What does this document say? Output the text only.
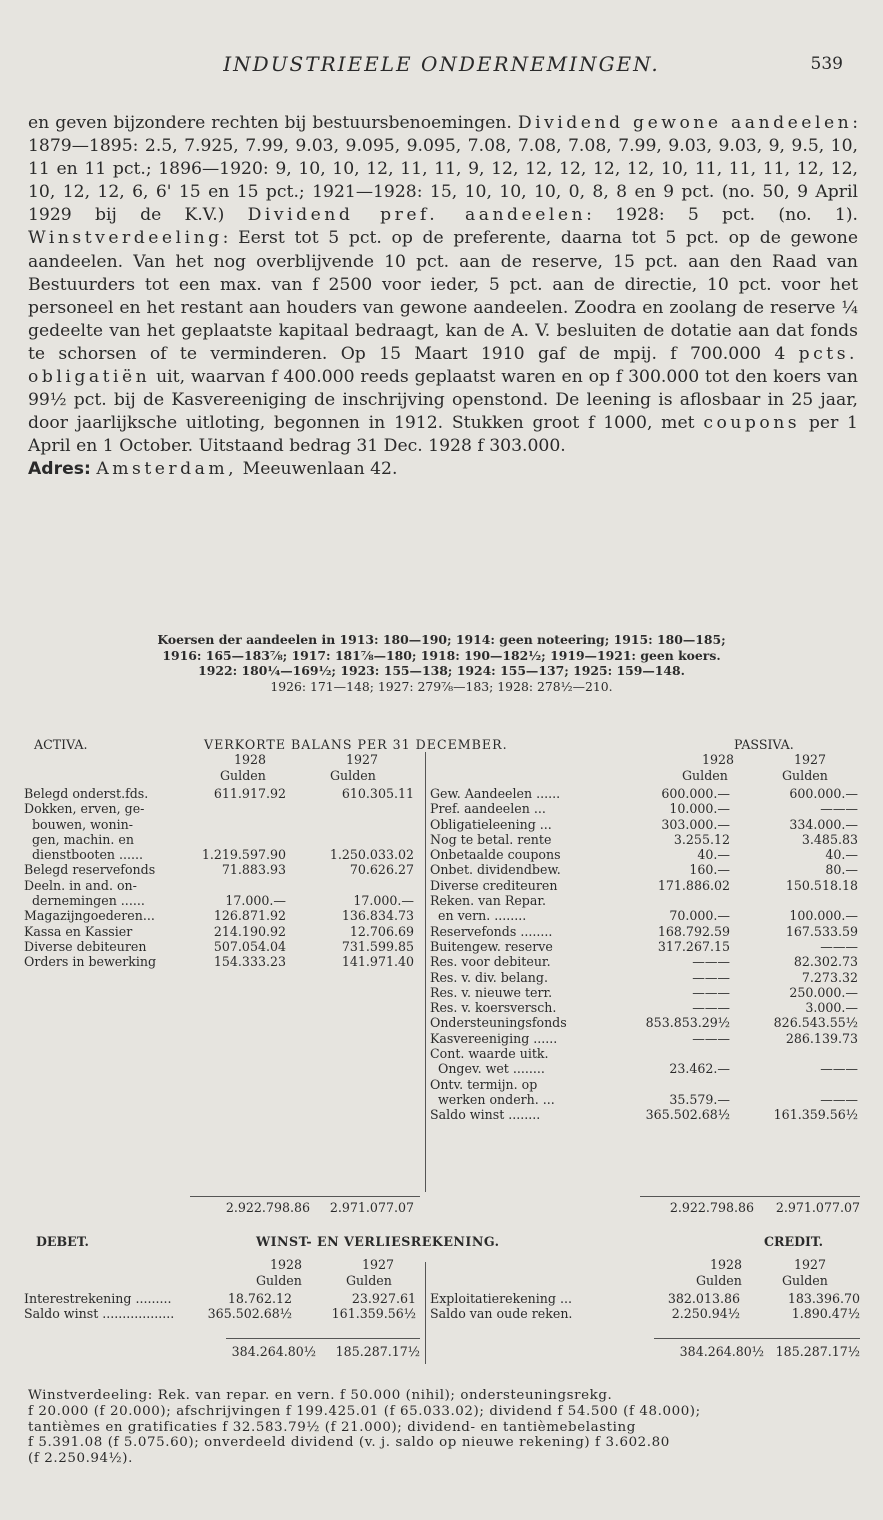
INDUSTRIEELE ONDERNEMINGEN.	539

en geven bijzondere rechten bij bestuursbenoemingen. Dividend gewone aandeelen: 1879—1895: 2.5, 7.925, 7.99, 9.03, 9.095, 9.095, 7.08, 7.08, 7.08, 7.99, 9.03, 9.03, 9, 9.5, 10, 11 en 11 pct.; 1896—1920: 9, 10, 10, 12, 11, 11, 9, 12, 12, 12, 12, 12, 10, 11, 11, 11, 12, 12, 10, 12, 12, 6, 6' 15 en 15 pct.; 1921—1928: 15, 10, 10, 10, 0, 8, 8 en 9 pct. (no. 50, 9 April 1929 bij de K.V.) Dividend pref. aandeelen: 1928: 5 pct. (no. 1). Winstverdeeling: Eerst tot 5 pct. op de preferente, daarna tot 5 pct. op de gewone aandeelen. Van het nog overblijvende 10 pct. aan de reserve, 15 pct. aan den Raad van Bestuurders tot een max. van f 2500 voor ieder, 5 pct. aan de directie, 10 pct. voor het personeel en het restant aan houders van gewone aandeelen. Zoodra en zoolang de reserve ¼ gedeelte van het geplaatste kapitaal bedraagt, kan de A. V. besluiten de dotatie aan dat fonds te schorsen of te verminderen. Op 15 Maart 1910 gaf de mpij. f 700.000 4 pcts. obligatiën uit, waarvan f 400.000 reeds geplaatst waren en op f 300.000 tot den koers van 99½ pct. bij de Kasvereeniging de inschrijving openstond. De leening is aflosbaar in 25 jaar, door jaarlijksche uitloting, begonnen in 1912. Stukken groot f 1000, met coupons per 1 April en 1 October. Uitstaand bedrag 31 Dec. 1928 f 303.000.

Adres: Amsterdam, Meeuwenlaan 42.

Koersen der aandeelen in 1913: 180—190; 1914: geen noteering; 1915: 180—185;
1916: 165—183⅞; 1917: 181⅞—180; 1918: 190—182½; 1919—1921: geen koers.
1922: 180¼—169½; 1923: 155—138; 1924: 155—137; 1925: 159—148.
1926: 171—148; 1927: 279⅞—183; 1928: 278½—210.
ACTIVA.	VERKORTE BALANS PER 31 DECEMBER.	PASSIVA.
1928	1927	1928	1927
Gulden	Gulden	Gulden	Gulden
Belegd onderst.fds.	611.917.92	610.305.11
Dokken, erven, ge-
bouwen, wonin-
gen, machin. en
dienstbooten ......	1.219.597.90	1.250.033.02
Belegd reservefonds	71.883.93	70.626.27
Deeln. in and. on-
dernemingen ......	17.000.—	17.000.—
Magazijngoederen...	126.871.92	136.834.73
Kassa en Kassier	214.190.92	12.706.69
Diverse debiteuren	507.054.04	731.599.85
Orders in bewerking	154.333.23	141.971.40
Gew. Aandeelen ......	600.000.—	600.000.—
Pref. aandeelen ...	10.000.—	———
Obligatieleening ...	303.000.—	334.000.—
Nog te betal. rente	3.255.12	3.485.83
Onbetaalde coupons	40.—	40.—
Onbet. dividendbew.	160.—	80.—
Diverse crediteuren	171.886.02	150.518.18
Reken. van Repar.
en vern. ........	70.000.—	100.000.—
Reservefonds ........	168.792.59	167.533.59
Buitengew. reserve	317.267.15	———
Res. voor debiteur.	———	82.302.73
Res. v. div. belang.	———	7.273.32
Res. v. nieuwe terr.	———	250.000.—
Res. v. koersversch.	———	3.000.—
Ondersteuningsfonds	853.853.29½	826.543.55½
Kasvereeniging ......	———	286.139.73
Cont. waarde uitk.
Ongev. wet ........	23.462.—	———
Ontv. termijn. op
werken onderh. ...	35.579.—	———
Saldo winst ........	365.502.68½	161.359.56½
2.922.798.86	2.971.077.07	2.922.798.86	2.971.077.07
DEBET.	WINST- EN VERLIESREKENING.	CREDIT.
1928	1927	1928	1927
Gulden	Gulden	Gulden	Gulden
Interestrekening .........	18.762.12	23.927.61
Saldo winst ..................	365.502.68½	161.359.56½
Exploitatierekening ...	382.013.86	183.396.70
Saldo van oude reken.	2.250.94½	1.890.47½
384.264.80½	185.287.17½	384.264.80½ 185.287.17½
Winstverdeeling: Rek. van repar. en vern. f 50.000 (nihil); ondersteuningsrekg.
f 20.000 (f 20.000); afschrijvingen f 199.425.01 (f 65.033.02); dividend f 54.500 (f 48.000);
tantièmes en gratificaties f 32.583.79½ (f 21.000); dividend- en tantièmebelasting
f 5.391.08 (f 5.075.60); onverdeeld dividend (v. j. saldo op nieuwe rekening) f 3.602.80
(f 2.250.94½).
